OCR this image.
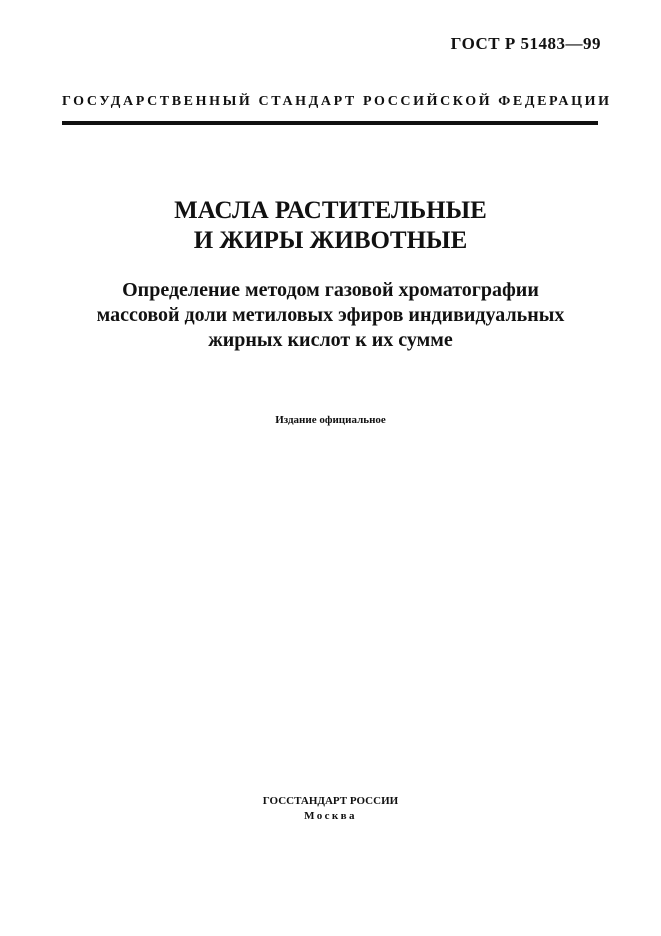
ГОСТ Р 51483—99
ГОСУДАРСТВЕННЫЙ СТАНДАРТ РОССИЙСКОЙ ФЕДЕРАЦИИ
МАСЛА РАСТИТЕЛЬНЫЕ
И ЖИРЫ ЖИВОТНЫЕ
Определение методом газовой хроматографии
массовой доли метиловых эфиров индивидуальных
жирных кислот к их сумме
Издание официальное
ГОССТАНДАРТ РОССИИ
Москва
